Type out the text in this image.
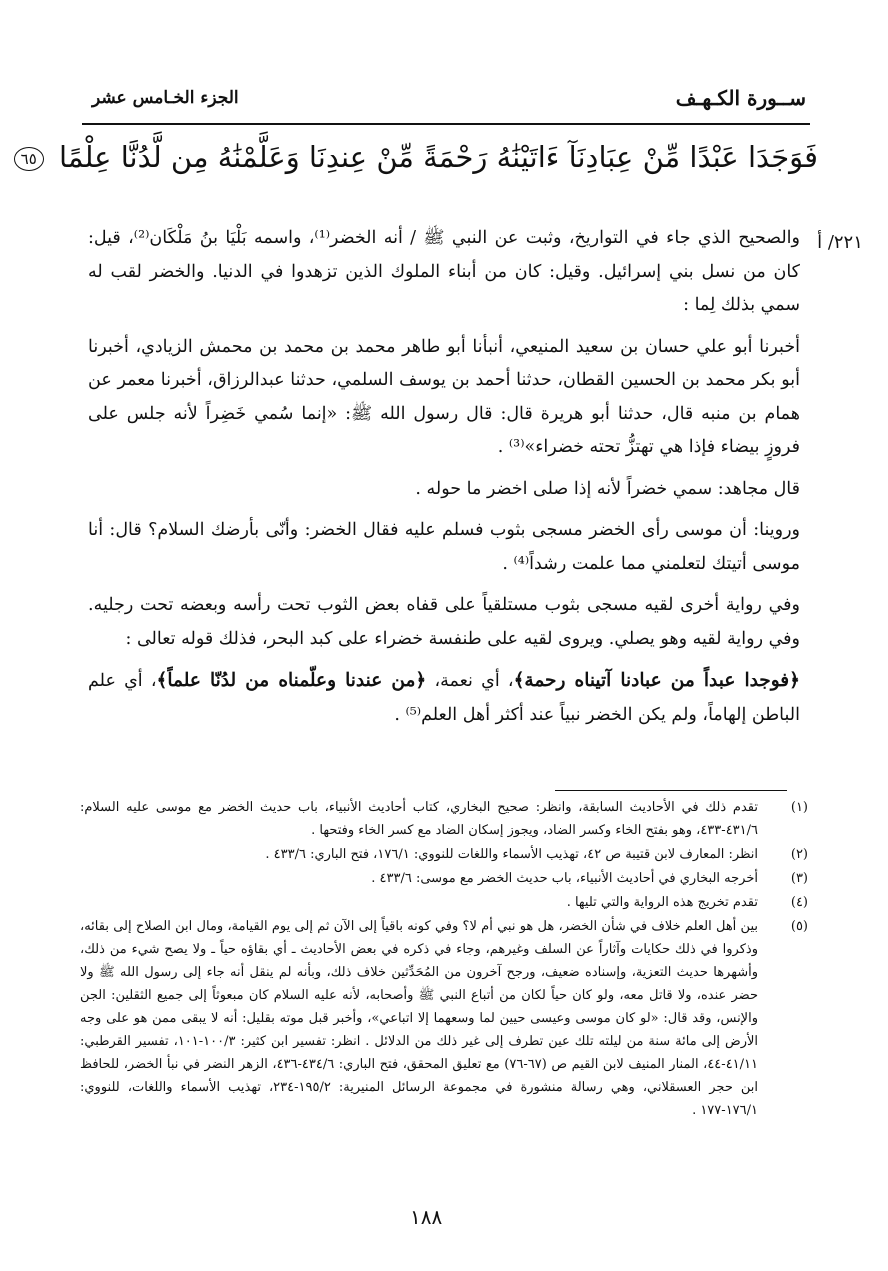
الجزء الخـامس عشر	ســورة الكـهـف
فَوَجَدَا عَبْدًا مِّنْ عِبَادِنَآ ءَاتَيْنَٰهُ رَحْمَةً مِّنْ عِندِنَا وَعَلَّمْنَٰهُ مِن لَّدُنَّا عِلْمًا ٦٥
٢٢١/ أ

والصحيح الذي جاء في التواريخ، وثبت عن النبي ﷺ / أنه الخضر⁽¹⁾، واسمه بَلْيَا بنُ مَلْكَان⁽²⁾، قيل: كان من نسل بني إسرائيل. وقيل: كان من أبناء الملوك الذين تزهدوا في الدنيا. والخضر لقب له سمي بذلك لِما :

أخبرنا أبو علي حسان بن سعيد المنيعي، أنبأنا أبو طاهر محمد بن محمد بن محمش الزيادي، أخبرنا أبو بكر محمد بن الحسين القطان، حدثنا أحمد بن يوسف السلمي، حدثنا عبدالرزاق، أخبرنا معمر عن همام بن منبه قال، حدثنا أبو هريرة قال: قال رسول الله ﷺ: «إنما سُمي خَضِراً لأنه جلس على فروزٍ بيضاء فإذا هي تهتزُّ تحته خضراء»⁽³⁾ .

قال مجاهد: سمي خضراً لأنه إذا صلى اخضر ما حوله .

وروينا: أن موسى رأى الخضر مسجى بثوب فسلم عليه فقال الخضر: وأنّى بأرضك السلام؟ قال: أنا موسى أتيتك لتعلمني مما علمت رشداً⁽⁴⁾ .

وفي رواية أخرى لقيه مسجى بثوب مستلقياً على قفاه بعض الثوب تحت رأسه وبعضه تحت رجليه. وفي رواية لقيه وهو يصلي. ويروى لقيه على طنفسة خضراء على كبد البحر، فذلك قوله تعالى :

﴿فوجدا عبداً من عبادنا آتيناه رحمة﴾، أي نعمة، ﴿من عندنا وعلّمناه من لدُنّا علماً﴾، أي علم الباطن إلهاماً، ولم يكن الخضر نبياً عند أكثر أهل العلم⁽⁵⁾ .

(١)
تقدم ذلك في الأحاديث السابقة، وانظر: صحيح البخاري، كتاب أحاديث الأنبياء، باب حديث الخضر مع موسى عليه السلام: ٤٣١/٦-٤٣٣، وهو بفتح الخاء وكسر الضاد، ويجوز إسكان الضاد مع كسر الخاء وفتحها .
(٢)
انظر: المعارف لابن قتيبة ص ٤٢، تهذيب الأسماء واللغات للنووي: ١٧٦/١، فتح الباري: ٤٣٣/٦ .
(٣)
أخرجه البخاري في أحاديث الأنبياء، باب حديث الخضر مع موسى: ٤٣٣/٦ .
(٤)
تقدم تخريج هذه الرواية والتي تليها .
(٥)
بين أهل العلم خلاف في شأن الخضر، هل هو نبي أم لا؟ وفي كونه باقياً إلى الآن ثم إلى يوم القيامة، ومال ابن الصلاح إلى بقائه، وذكروا في ذلك حكايات وآثاراً عن السلف وغيرهم، وجاء في ذكره في بعض الأحاديث ـ أي بقاؤه حياً ـ ولا يصح شيء من ذلك، وأشهرها حديث التعزية، وإسناده ضعيف، ورجح آخرون من المُحَدِّثين خلاف ذلك، وبأنه لم ينقل أنه جاء إلى رسول الله ﷺ ولا حضر عنده، ولا قاتل معه، ولو كان حياً لكان من أتباع النبي ﷺ وأصحابه، لأنه عليه السلام كان مبعوثاً إلى جميع الثقلين: الجن والإنس، وقد قال: «لو كان موسى وعيسى حيين لما وسعهما إلا اتباعي»، وأخبر قبل موته بقليل: أنه لا يبقى ممن هو على وجه الأرض إلى مائة سنة من ليلته تلك عين تطرف إلى غير ذلك من الدلائل . انظر: تفسير ابن كثير: ١٠٠/٣-١٠١، تفسير القرطبي: ٤١/١١-٤٤، المنار المنيف لابن القيم ص (٦٧-٧٦) مع تعليق المحقق، فتح الباري: ٤٣٤/٦-٤٣٦، الزهر النضر في نبأ الخضر، للحافظ ابن حجر العسقلاني، وهي رسالة منشورة في مجموعة الرسائل المنيرية: ١٩٥/٢-٢٣٤، تهذيب الأسماء واللغات، للنووي: ١٧٦/١-١٧٧ .
١٨٨
